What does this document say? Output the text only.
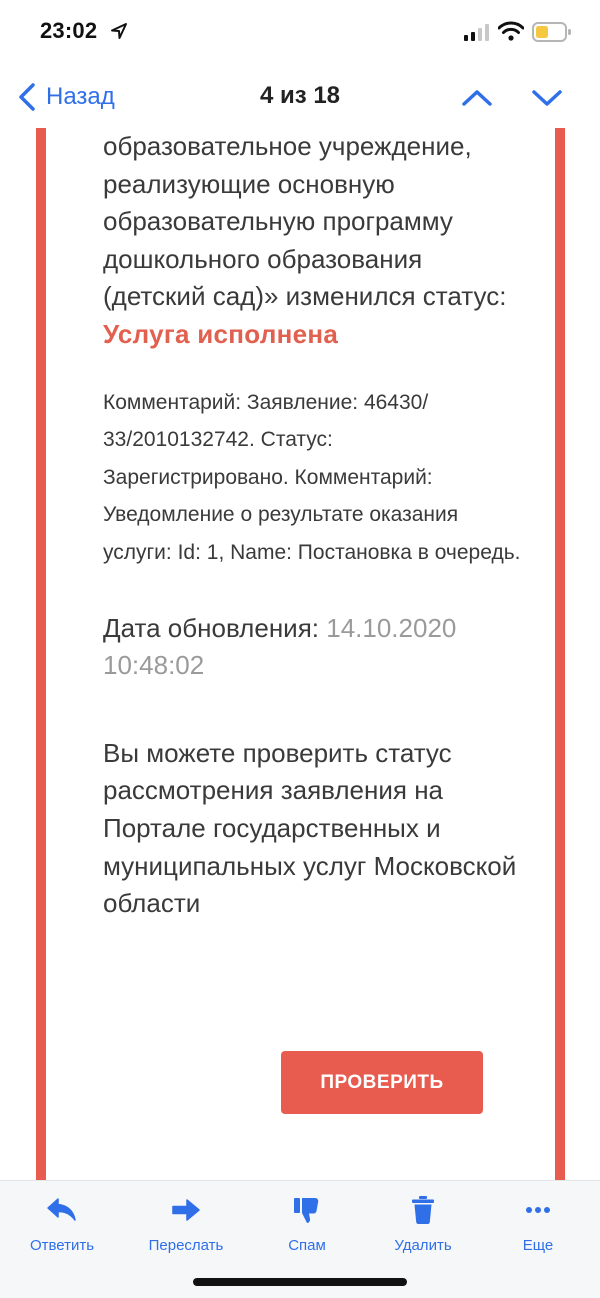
23:02
Назад	4 из 18

образовательное учреждение, реализующие основную образовательную программу дошкольного образования (детский сад)» изменился статус:

Услуга исполнена

Комментарий: Заявление: 46430/ 33/2010132742. Статус: Зарегистрировано. Комментарий: Уведомление о результате оказания услуги: Id: 1, Name: Постановка в очередь.

Дата обновления: 14.10.2020 10:48:02

Вы можете проверить статус рассмотрения заявления на Портале государственных и муниципальных услуг Московской области

ПРОВЕРИТЬ
Ответить	Переслать	Спам	Удалить	Еще
